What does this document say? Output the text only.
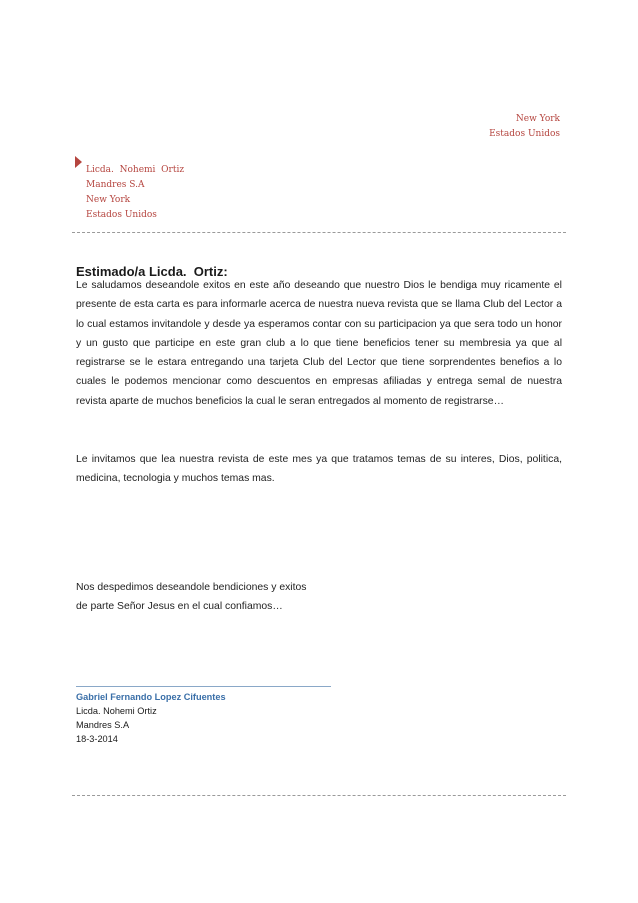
New York
Estados Unidos
Licda.  Nohemi  Ortiz
Mandres S.A
New York
Estados Unidos
Estimado/a Licda.  Ortiz:
Le saludamos deseandole exitos en este año deseando que nuestro Dios le bendiga muy ricamente el presente de esta carta es para informarle acerca de nuestra nueva revista que se llama Club del Lector a lo cual estamos invitandole y desde ya esperamos contar con su participacion ya que sera todo un honor y un gusto que participe en este gran club a lo que tiene beneficios tener su membresia ya que al registrarse se le estara entregando una tarjeta Club del Lector que tiene sorprendentes benefios a lo cuales le podemos mencionar como descuentos en empresas afiliadas y entrega semal de nuestra revista aparte de muchos beneficios la cual le seran entregados al momento de registrarse…
Le invitamos que lea nuestra revista de este mes ya que tratamos temas de su interes, Dios, politica, medicina, tecnologia y muchos temas mas.
Nos despedimos deseandole bendiciones y exitos
de parte Señor Jesus en el cual confiamos…
Gabriel Fernando Lopez Cifuentes
Licda. Nohemi Ortiz
Mandres S.A
18-3-2014
